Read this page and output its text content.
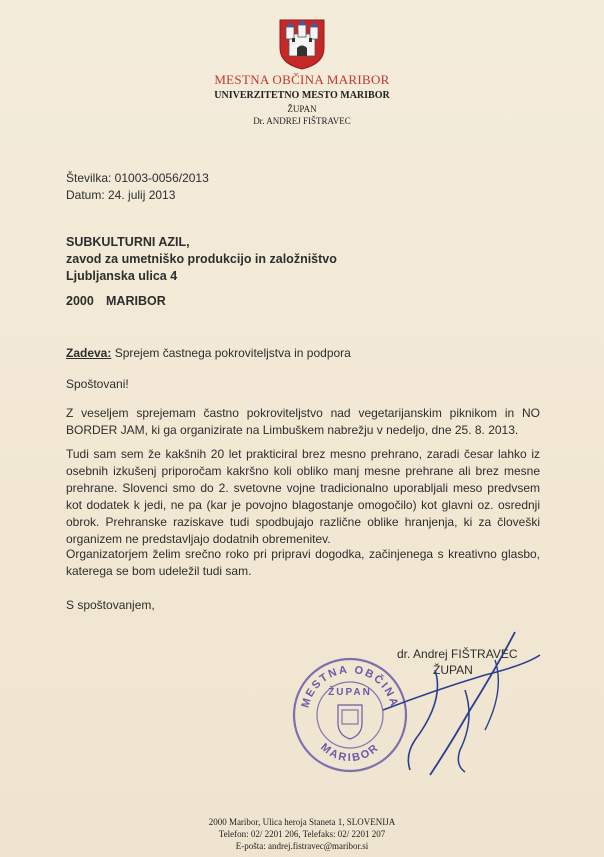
MESTNA OBČINA MARIBOR
UNIVERZITETNO MESTO MARIBOR
ŽUPAN
Dr. ANDREJ FIŠTRAVEC
Številka: 01003-0056/2013
Datum: 24. julij 2013
SUBKULTURNI AZIL,
zavod za umetniško produkcijo in založništvo
Ljubljanska ulica 4
2000 MARIBOR
Zadeva: Sprejem častnega pokroviteljstva in podpora
Spoštovani!
Z veseljem sprejemam častno pokroviteljstvo nad vegetarijanskim piknikom in NO BORDER JAM, ki ga organizirate na Limbuškem nabrežju v nedeljo, dne 25. 8. 2013.
Tudi sam sem že kakšnih 20 let prakticiral brez mesno prehrano, zaradi česar lahko iz osebnih izkušenj priporočam kakršno koli obliko manj mesne prehrane ali brez mesne prehrane. Slovenci smo do 2. svetovne vojne tradicionalno uporabljali meso predvsem kot dodatek k jedi, ne pa (kar je povojno blagostanje omogočilo) kot glavni oz. osrednji obrok. Prehranske raziskave tudi spodbujajo različne oblike hranjenja, ki za človeški organizem ne predstavljajo dodatnih obremenitev.
Organizatorjem želim srečno roko pri pripravi dogodka, začinjenega s kreativno glasbo, katerega se bom udeležil tudi sam.
S spoštovanjem,
dr. Andrej FIŠTRAVEC
ŽUPAN
MESTNA OBČINA
ŽUPAN
MARIBOR
2000 Maribor, Ulica heroja Staneta 1, SLOVENIJA
Telefon: 02/ 2201 206, Telefaks: 02/ 2201 207
E-pošta: andrej.fistravec@maribor.si
